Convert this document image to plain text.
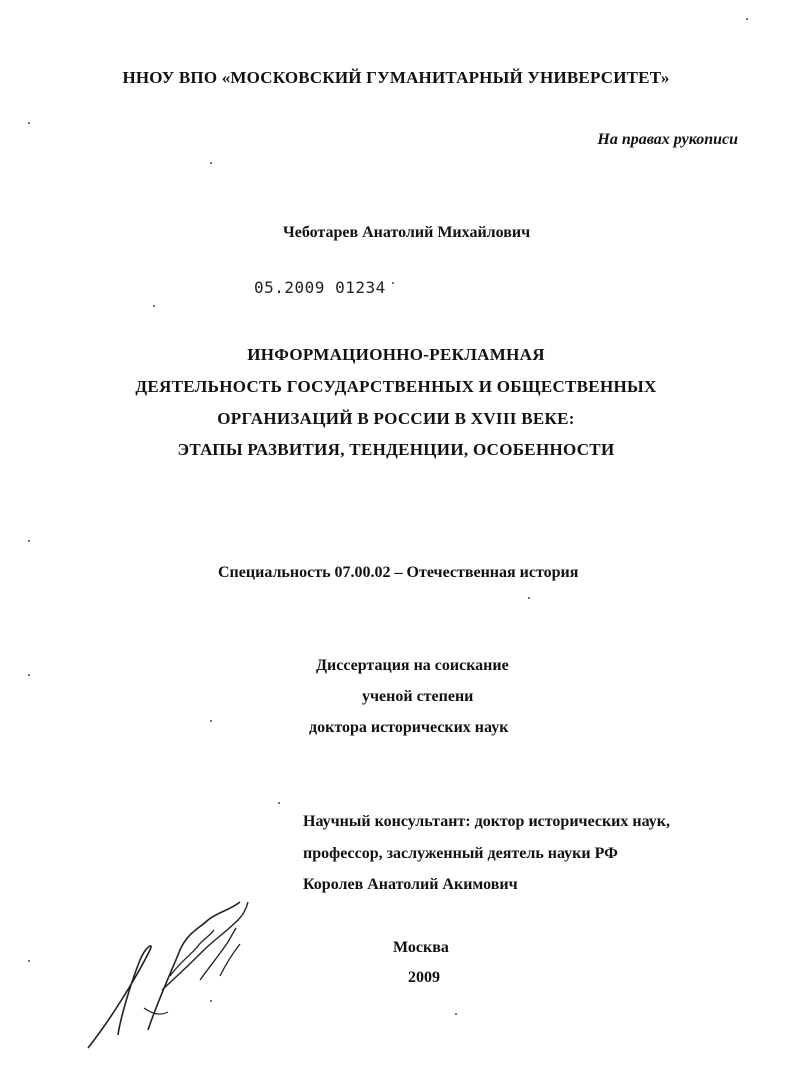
ННОУ ВПО «МОСКОВСКИЙ ГУМАНИТАРНЫЙ УНИВЕРСИТЕТ»
На правах рукописи
Чеботарев Анатолий Михайлович
05.2009 01234
ИНФОРМАЦИОННО-РЕКЛАМНАЯ
ДЕЯТЕЛЬНОСТЬ ГОСУДАРСТВЕННЫХ И ОБЩЕСТВЕННЫХ
ОРГАНИЗАЦИЙ В РОССИИ В XVIII ВЕКЕ:
ЭТАПЫ РАЗВИТИЯ, ТЕНДЕНЦИИ, ОСОБЕННОСТИ
Специальность 07.00.02 – Отечественная история
Диссертация на соискание
ученой степени
доктора исторических наук
Научный консультант: доктор исторических наук,
профессор, заслуженный деятель науки РФ
Королев Анатолий Акимович
Москва
2009
